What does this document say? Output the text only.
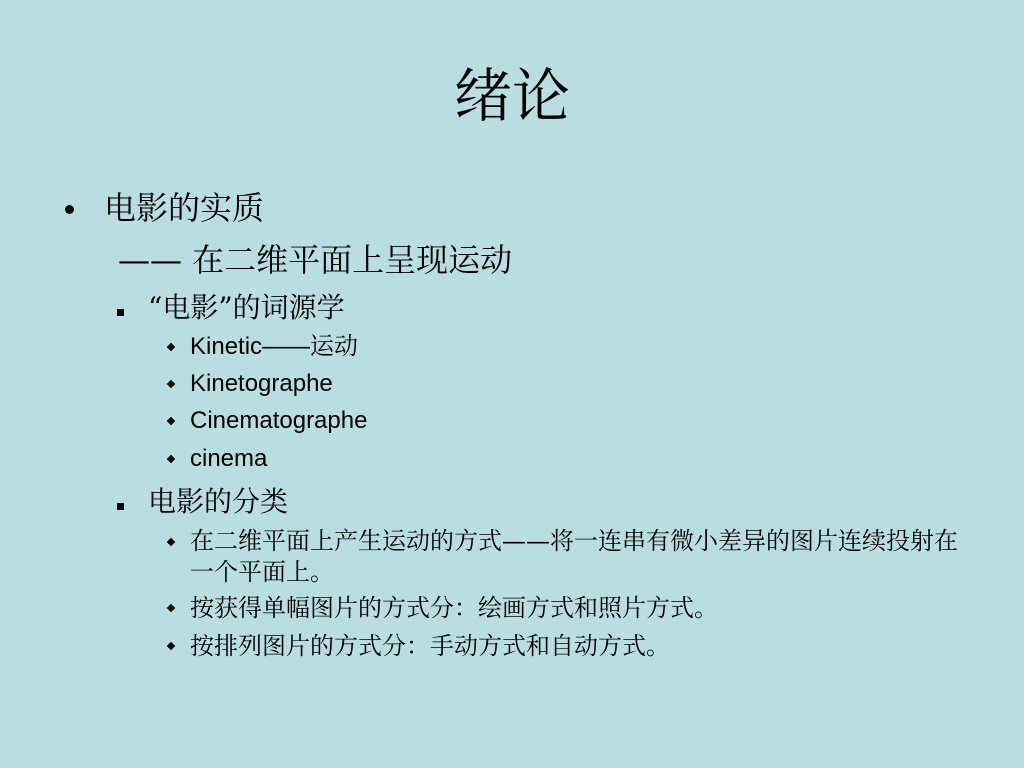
绪论
电影的实质
—— 在二维平面上呈现运动
“电影”的词源学
Kinetic——运动
Kinetographe
Cinematographe
cinema
电影的分类
在二维平面上产生运动的方式——将一连串有微小差异的图片连续投射在一个平面上。
按获得单幅图片的方式分：绘画方式和照片方式。
按排列图片的方式分：手动方式和自动方式。
